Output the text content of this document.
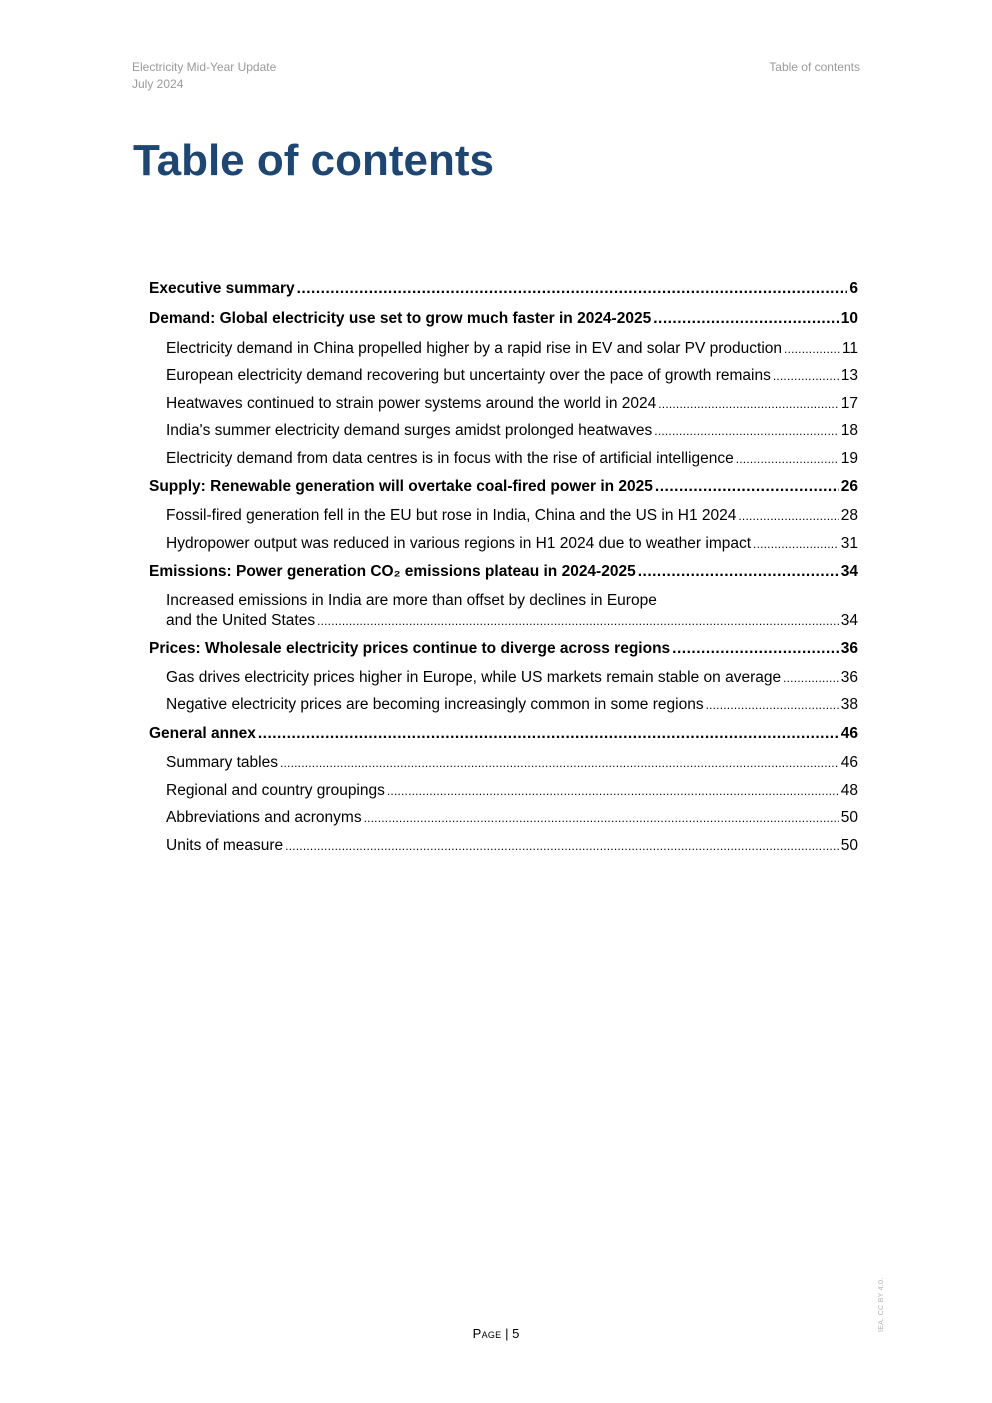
Electricity Mid-Year Update
July 2024
Table of contents
Table of contents
Executive summary .....	6
Demand: Global electricity use set to grow much faster in 2024-2025 .....	10
Electricity demand in China propelled higher by a rapid rise in EV and solar PV production .....	11
European electricity demand recovering but uncertainty over the pace of growth remains .....	13
Heatwaves continued to strain power systems around the world in 2024 .....	17
India's summer electricity demand surges amidst prolonged heatwaves .....	18
Electricity demand from data centres is in focus with the rise of artificial intelligence .....	19
Supply: Renewable generation will overtake coal-fired power in 2025 .....	26
Fossil-fired generation fell in the EU but rose in India, China and the US in H1 2024 .....	28
Hydropower output was reduced in various regions in H1 2024 due to weather impact .....	31
Emissions: Power generation CO₂ emissions plateau in 2024-2025 .....	34
Increased emissions in India are more than offset by declines in Europe
and the United States .....	34
Prices: Wholesale electricity prices continue to diverge across regions .....	36
Gas drives electricity prices higher in Europe, while US markets remain stable on average .....	36
Negative electricity prices are becoming increasingly common in some regions .....	38
General annex .....	46
Summary tables .....	46
Regional and country groupings .....	48
Abbreviations and acronyms .....	50
Units of measure .....	50
Page | 5
IEA. CC BY 4.0.
